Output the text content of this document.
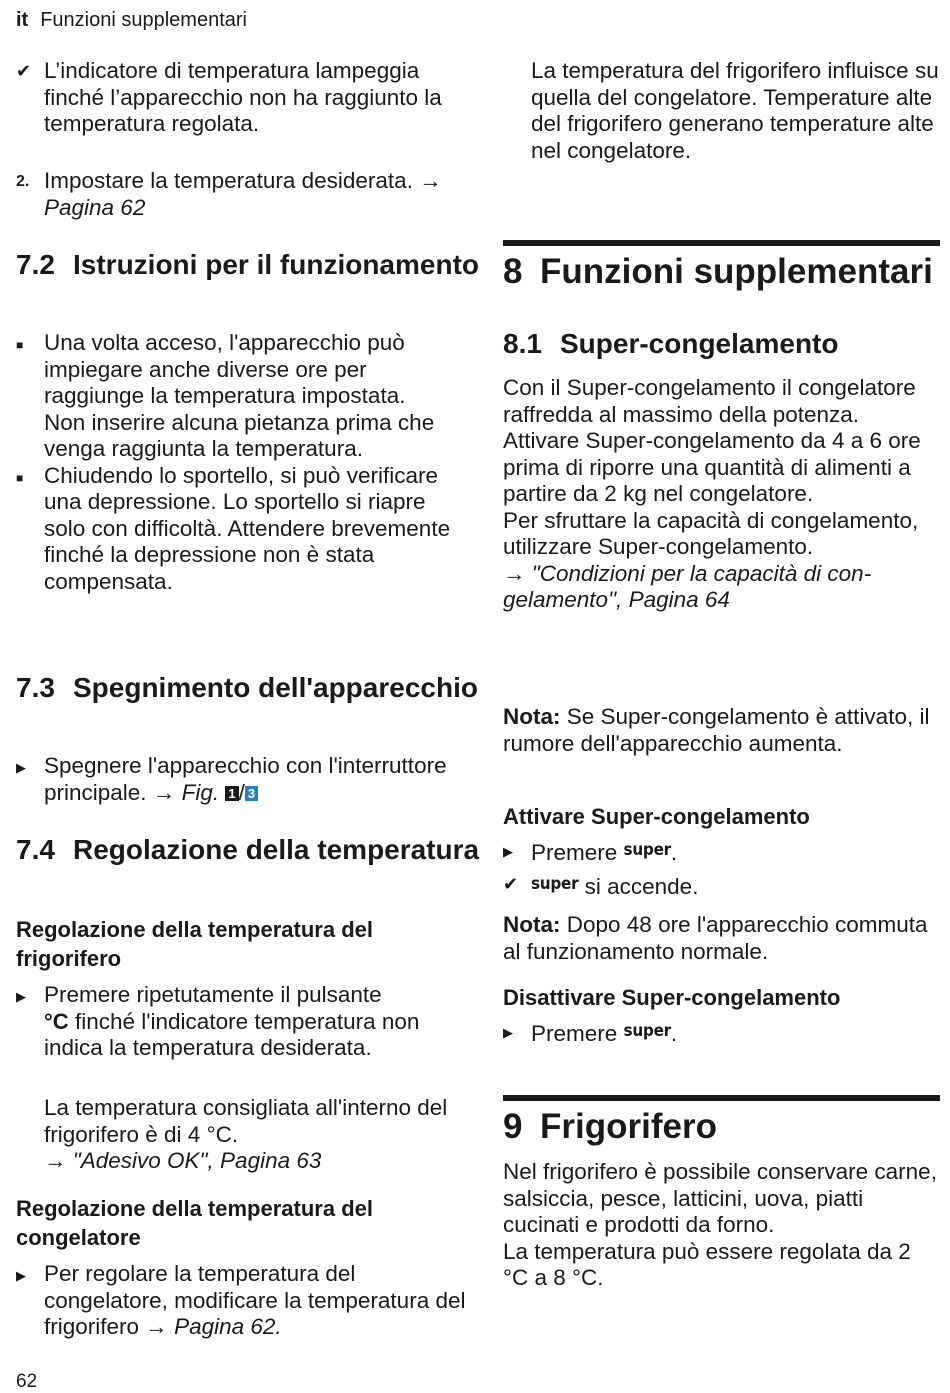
it Funzioni supplementari
✔ L’indicatore di temperatura lampeggia finché l’apparecchio non ha raggiunto la temperatura regolata.
2. Impostare la temperatura desiderata. → Pagina 62
7.2 Istruzioni per il funzionamento
■ Una volta acceso, l'apparecchio può impiegare anche diverse ore per raggiunge la temperatura impostata.

Non inserire alcuna pietanza prima che venga raggiunta la temperatura.

■ Chiudendo lo sportello, si può verificare una depressione. Lo sportello si riapre solo con difficoltà. Attendere brevemente finché la depressione non è stata compensata.
7.3 Spegnimento dell'apparecchio
▶ Spegnere l'apparecchio con l'interruttore principale. → Fig. 1 / 3
7.4 Regolazione della temperatura
Regolazione della temperatura del frigorifero
▶ Premere ripetutamente il pulsante
°C finché l'indicatore temperatura non indica la temperatura desiderata.

La temperatura consigliata all'interno del frigorifero è di 4 °C.

→ "Adesivo OK", Pagina 63

Regolazione della temperatura del congelatore
▶ Per regolare la temperatura del congelatore, modificare la temperatura del frigorifero → Pagina 62.

La temperatura del frigorifero influisce su quella del congelatore. Temperature alte del frigorifero generano temperature alte nel congelatore.

8 Funzioni supplementari
8.1 Super-congelamento

Con il Super-congelamento il congelatore raffredda al massimo della potenza.

Attivare Super-congelamento da 4 a 6 ore prima di riporre una quantità di alimenti a partire da 2 kg nel congelatore.

Per sfruttare la capacità di congelamento, utilizzare Super-congelamento.

→ "Condizioni per la capacità di congelamento", Pagina 64

Nota: Se Super-congelamento è attivato, il rumore dell'apparecchio aumenta.

Attivare Super-congelamento
▶ Premere $^{super}$.
✔ $^{super}$ si accende.

Nota: Dopo 48 ore l'apparecchio commuta al funzionamento normale.

Disattivare Super-congelamento
▶ Premere $^{super}$.
9 Frigorifero

Nel frigorifero è possibile conservare carne, salsiccia, pesce, latticini, uova, piatti cucinati e prodotti da forno.

La temperatura può essere regolata da 2 °C a 8 °C.

62
